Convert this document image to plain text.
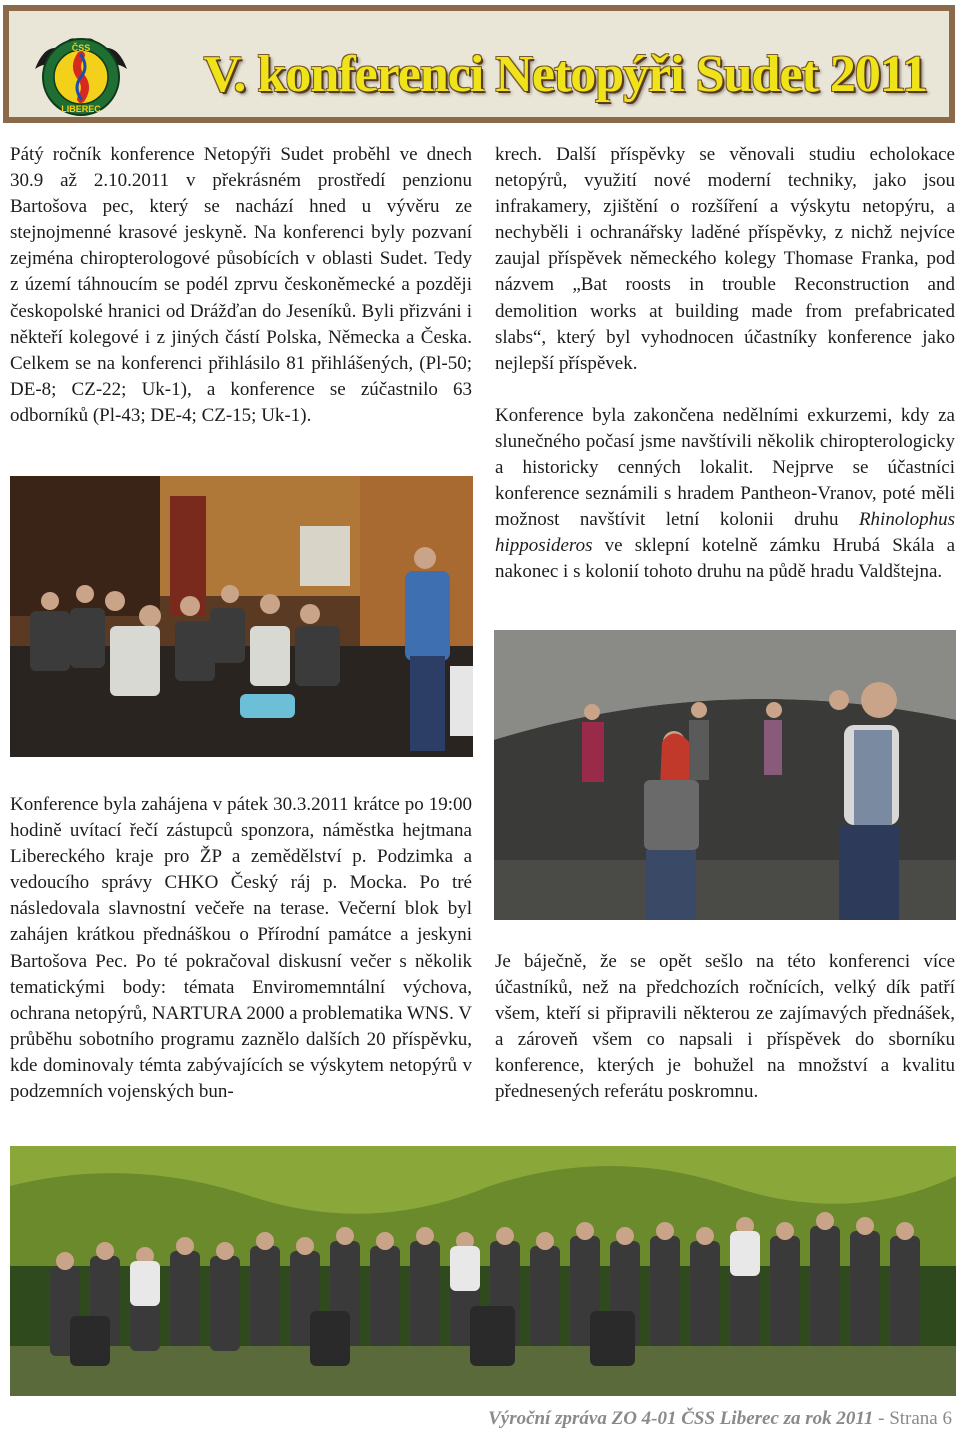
LIBEREC
ČSS V. konferenci Netopýři Sudet 2011

Pátý ročník konference Netopýři Sudet proběhl ve dnech 30.9 až 2.10.2011 v překrásném prostředí penzionu Bartošova pec, který se nachází hned u vývěru ze stejnojmenné krasové jeskyně. Na konferenci byly pozvaní zejména chiropterologové působících v oblasti Sudet. Tedy z území táhnoucím se podél zprvu českoněmecké a později českopolské hranici od Drážďan do Jeseníků. Byli přizváni i někteří kolegové i z jiných částí Polska, Německa a Česka. Celkem se na konferenci přihlásilo 81 přihlášených, (Pl-50; DE-8; CZ-22; Uk-1), a konference se zúčastnilo 63 odborníků (Pl-43; DE-4; CZ-15; Uk-1).

krech. Další příspěvky se věnovali studiu echolokace netopýrů, využití nové moderní techniky, jako jsou infrakamery, zjištění o rozšíření a výskytu netopýru, a nechyběli i ochranářsky laděné příspěvky, z nichž nejvíce zaujal příspěvek německého kolegy Thomase Franka, pod názvem „Bat roosts in trouble Reconstruction and demolition works at building made from prefabricated slabs“, který byl vyhodnocen účastníky konference jako nejlepší příspěvek.

Konference byla zakončena nedělními exkurzemi, kdy za slunečného počasí jsme navštívili několik chiropterologicky a historicky cenných lokalit. Nejprve se účastníci konference seznámili s hradem Pantheon-Vranov, poté měli možnost navštívit letní kolonii druhu Rhinolophus hipposideros ve sklepní kotelně zámku Hrubá Skála a nakonec i s kolonií tohoto druhu na půdě hradu Valdštejna.

Konference byla zahájena v pátek 30.3.2011 krátce po 19:00 hodině uvítací řečí zástupců sponzora, náměstka hejtmana Libereckého kraje pro ŽP a zemědělství p. Podzimka a vedoucího správy CHKO Český ráj p. Mocka. Po tré následovala slavnostní večeře na terase. Večerní blok byl zahájen krátkou přednáškou o Přírodní památce a jeskyni Bartošova Pec. Po té pokračoval diskusní večer s několik tematickými body: témata Enviromemntální výchova, ochrana netopýrů, NARTURA 2000 a problematika WNS. V průběhu sobotního programu zaznělo dalších 20 příspěvku, kde dominovaly témta zabývajících se výskytem netopýrů v podzemních vojenských bun-

Je báječně, že se opět sešlo na této konferenci více účastníků, než na předchozích ročnících, velký dík patří všem, kteří si připravili některou ze zajímavých přednášek, a zároveň všem co napsali i příspěvek do sborníku konference, kterých je bohužel na množství a kvalitu přednesených referátu poskromnu.

Výroční zpráva ZO 4-01 ČSS Liberec za rok 2011 - Strana 6
